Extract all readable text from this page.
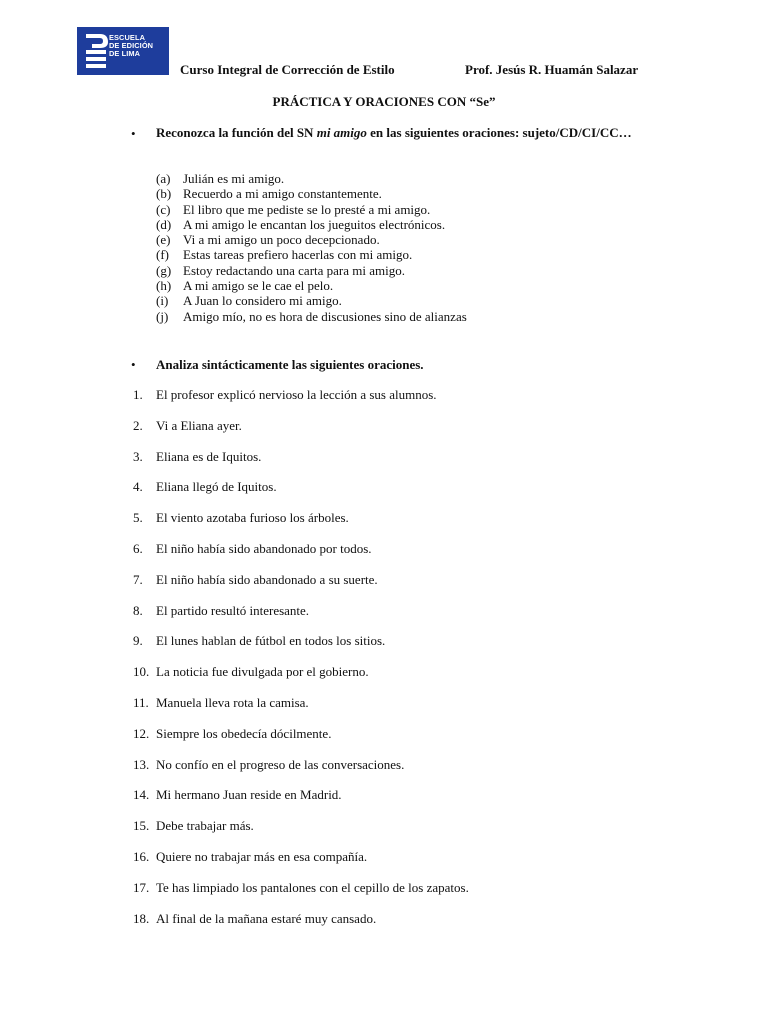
ESCUELA
DE EDICIÓN
DE LIMA
Curso Integral de Corrección de Estilo	Prof. Jesús R. Huamán Salazar
PRÁCTICA Y ORACIONES CON “Se”
• Reconozca la función del SN mi amigo en las siguientes oraciones: sujeto/CD/CI/CC…
(a) Julián es mi amigo.
(b) Recuerdo a mi amigo constantemente.
(c) El libro que me pediste se lo presté a mi amigo.
(d) A mi amigo le encantan los jueguitos electrónicos.
(e) Vi a mi amigo un poco decepcionado.
(f)	Estas tareas prefiero hacerlas con mi amigo.
(g) Estoy redactando una carta para mi amigo.
(h) A mi amigo se le cae el pelo.
(i)	A Juan lo considero mi amigo.
(j)	Amigo mío, no es hora de discusiones sino de alianzas
• Analiza sintácticamente las siguientes oraciones.
1.	El profesor explicó nervioso la lección a sus alumnos.
2.	Vi a Eliana ayer.
3.	Eliana es de Iquitos.
4.	Eliana llegó de Iquitos.
5.	El viento azotaba furioso los árboles.
6.	El niño había sido abandonado por todos.
7.	El niño había sido abandonado a su suerte.
8.	El partido resultó interesante.
9.	El lunes hablan de fútbol en todos los sitios.
10. La noticia fue divulgada por el gobierno.
11. Manuela lleva rota la camisa.
12. Siempre los obedecía dócilmente.
13. No confío en el progreso de las conversaciones.
14. Mi hermano Juan reside en Madrid.
15. Debe trabajar más.
16. Quiere no trabajar más en esa compañía.
17. Te has limpiado los pantalones con el cepillo de los zapatos.
18. Al final de la mañana estaré muy cansado.
